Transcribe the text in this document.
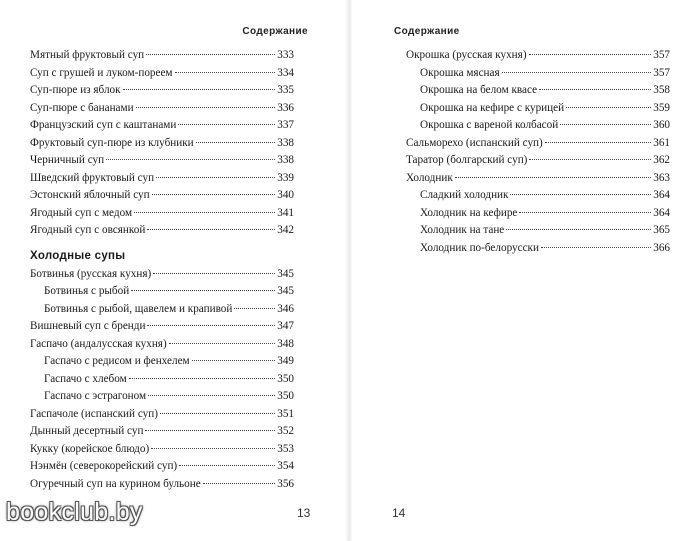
Содержание
Мятный фруктовый суп	333
Суп с грушей и луком-пореем	334
Суп-пюре из яблок	335
Суп-пюре с бананами	336
Французский суп с каштанами	337
Фруктовый суп-пюре из клубники	338
Черничный суп	338
Шведский фруктовый суп	339
Эстонский яблочный суп	340
Ягодный суп с медом	341
Ягодный суп с овсянкой	342
Холодные супы
Ботвинья (русская кухня)	345
Ботвинья с рыбой	345
Ботвинья с рыбой, щавелем и крапивой	346
Вишневый суп с бренди	347
Гаспачо (андалусская кухня)	348
Гаспачо с редисом и фенхелем	349
Гаспачо с хлебом	350
Гаспачо с эстрагоном	350
Гаспачоле (испанский суп)	351
Дынный десертный суп	352
Кукку (корейское блюдо)	353
Нэнмён (северокорейский суп)	354
Огуречный суп на курином бульоне	356
13
Содержание
Окрошка (русская кухня)	357
Окрошка мясная	357
Окрошка на белом квасе	358
Окрошка на кефире с курицей	359
Окрошка с вареной колбасой	360
Сальморехо (испанский суп)	361
Таратор (болгарский суп)	362
Холодник	363
Сладкий холодник	364
Холодник на кефире	364
Холодник на тане	365
Холодник по-белорусски	366
14
bookclub.by
